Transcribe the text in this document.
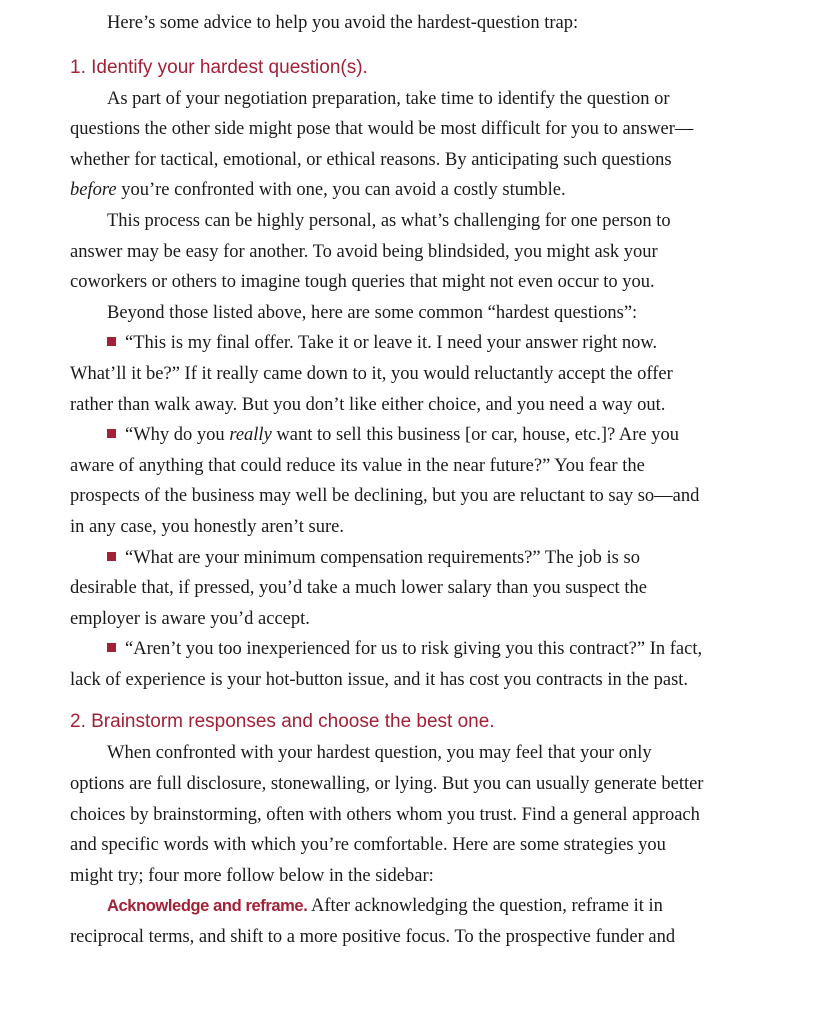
Here’s some advice to help you avoid the hardest-question trap:

1. Identify your hardest question(s).

As part of your negotiation preparation, take time to identify the question or questions the other side might pose that would be most difficult for you to answer—whether for tactical, emotional, or ethical reasons. By anticipating such questions before you’re confronted with one, you can avoid a costly stumble.

This process can be highly personal, as what’s challenging for one person to answer may be easy for another. To avoid being blindsided, you might ask your coworkers or others to imagine tough queries that might not even occur to you.

Beyond those listed above, here are some common “hardest questions”:

“This is my final offer. Take it or leave it. I need your answer right now. What’ll it be?” If it really came down to it, you would reluctantly accept the offer rather than walk away. But you don’t like either choice, and you need a way out.

“Why do you really want to sell this business [or car, house, etc.]? Are you aware of anything that could reduce its value in the near future?” You fear the prospects of the business may well be declining, but you are reluctant to say so—and in any case, you honestly aren’t sure.

“What are your minimum compensation requirements?” The job is so desirable that, if pressed, you’d take a much lower salary than you suspect the employer is aware you’d accept.

“Aren’t you too inexperienced for us to risk giving you this contract?” In fact, lack of experience is your hot-button issue, and it has cost you contracts in the past.

2. Brainstorm responses and choose the best one.

When confronted with your hardest question, you may feel that your only options are full disclosure, stonewalling, or lying. But you can usually generate better choices by brainstorming, often with others whom you trust. Find a general approach and specific words with which you’re comfortable. Here are some strategies you might try; four more follow below in the sidebar:

Acknowledge and reframe. After acknowledging the question, reframe it in reciprocal terms, and shift to a more positive focus. To the prospective funder and
